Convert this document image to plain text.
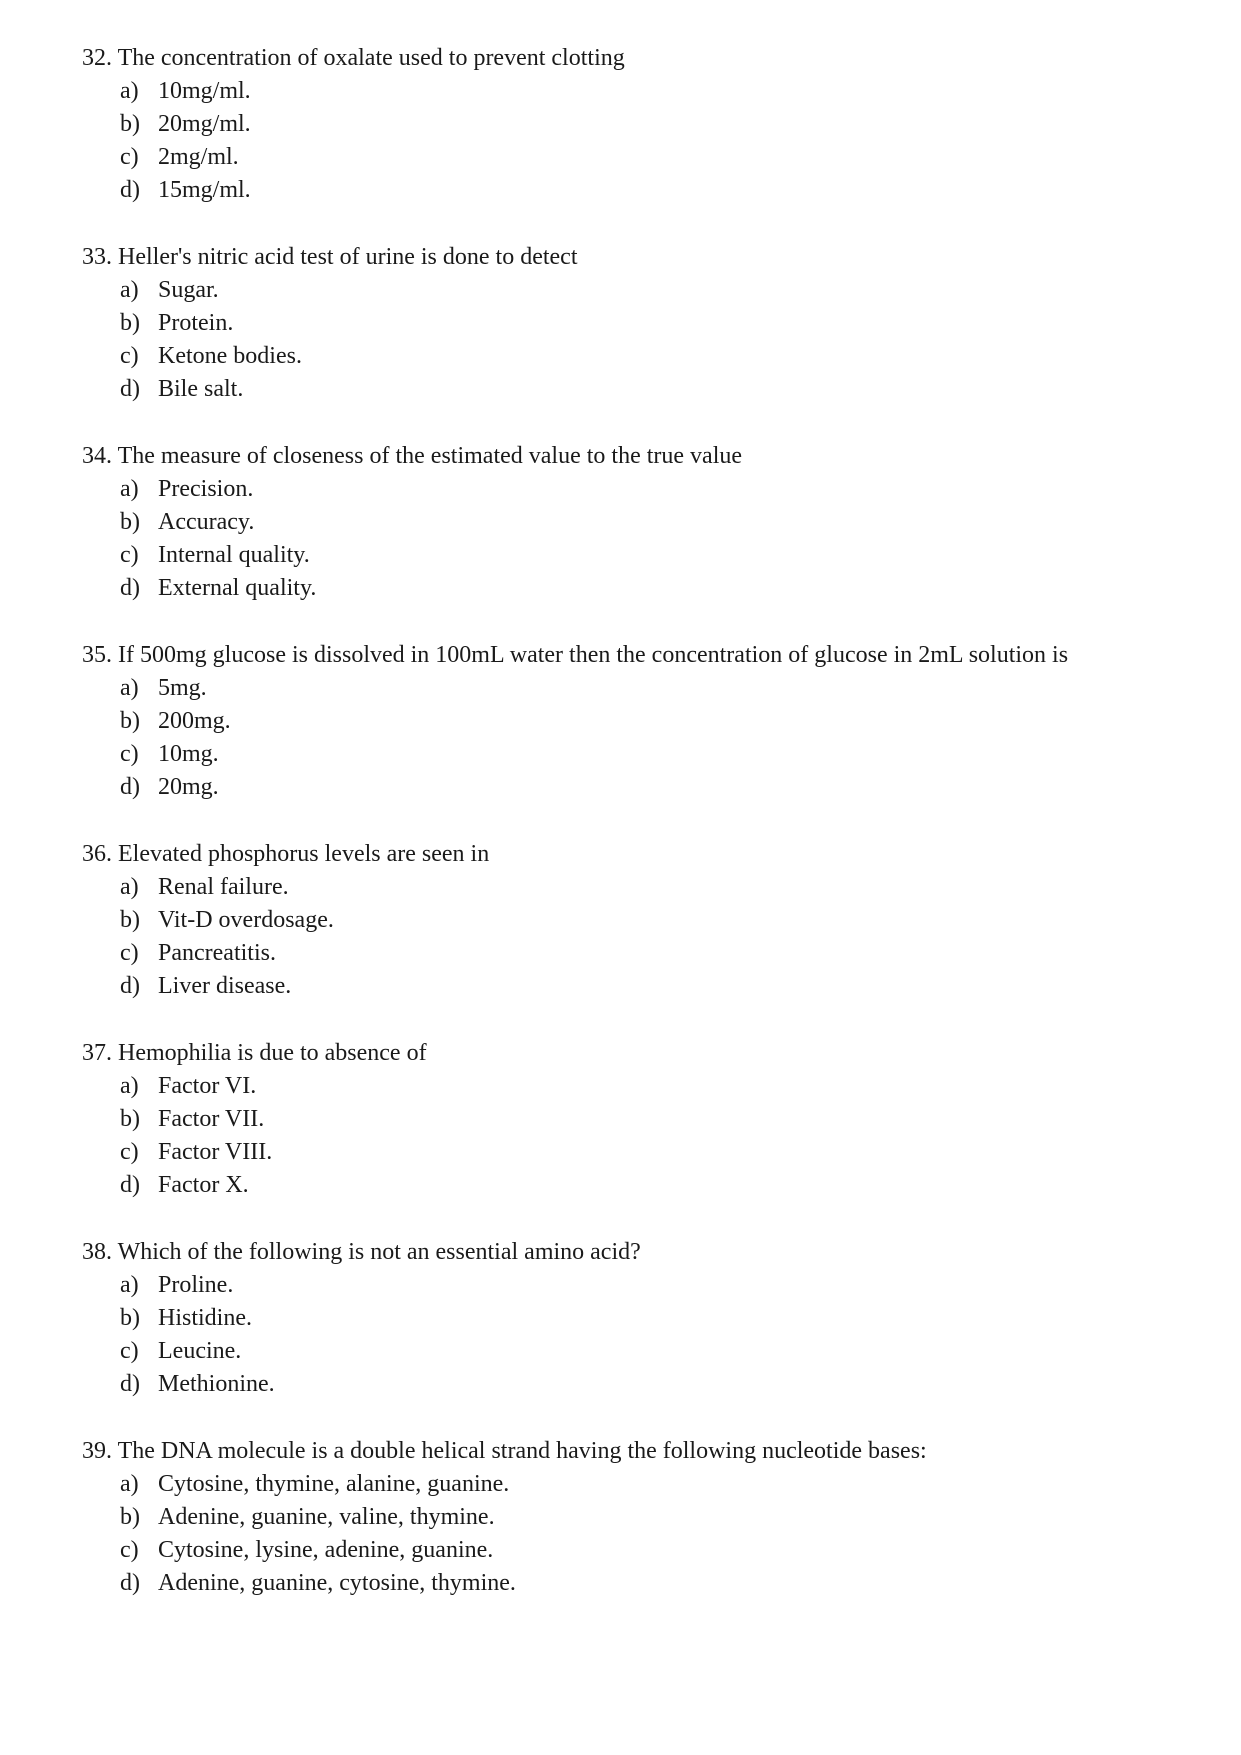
32. The concentration of oxalate used to prevent clotting
a) 10mg/ml.
b) 20mg/ml.
c) 2mg/ml.
d) 15mg/ml.
33. Heller's nitric acid test of urine is done to detect
a) Sugar.
b) Protein.
c) Ketone bodies.
d) Bile salt.
34. The measure of closeness of the estimated value to the true value
a) Precision.
b) Accuracy.
c) Internal quality.
d) External quality.
35. If 500mg glucose is dissolved in 100mL water then the concentration of glucose in 2mL solution is
a) 5mg.
b) 200mg.
c) 10mg.
d) 20mg.
36. Elevated phosphorus levels are seen in
a) Renal failure.
b) Vit-D overdosage.
c) Pancreatitis.
d) Liver disease.
37. Hemophilia is due to absence of
a) Factor VI.
b) Factor VII.
c) Factor VIII.
d) Factor X.
38. Which of the following is not an essential amino acid?
a) Proline.
b) Histidine.
c) Leucine.
d) Methionine.
39. The DNA molecule is a double helical strand having the following nucleotide bases:
a) Cytosine, thymine, alanine, guanine.
b) Adenine, guanine, valine, thymine.
c) Cytosine, lysine, adenine, guanine.
d) Adenine, guanine, cytosine, thymine.
